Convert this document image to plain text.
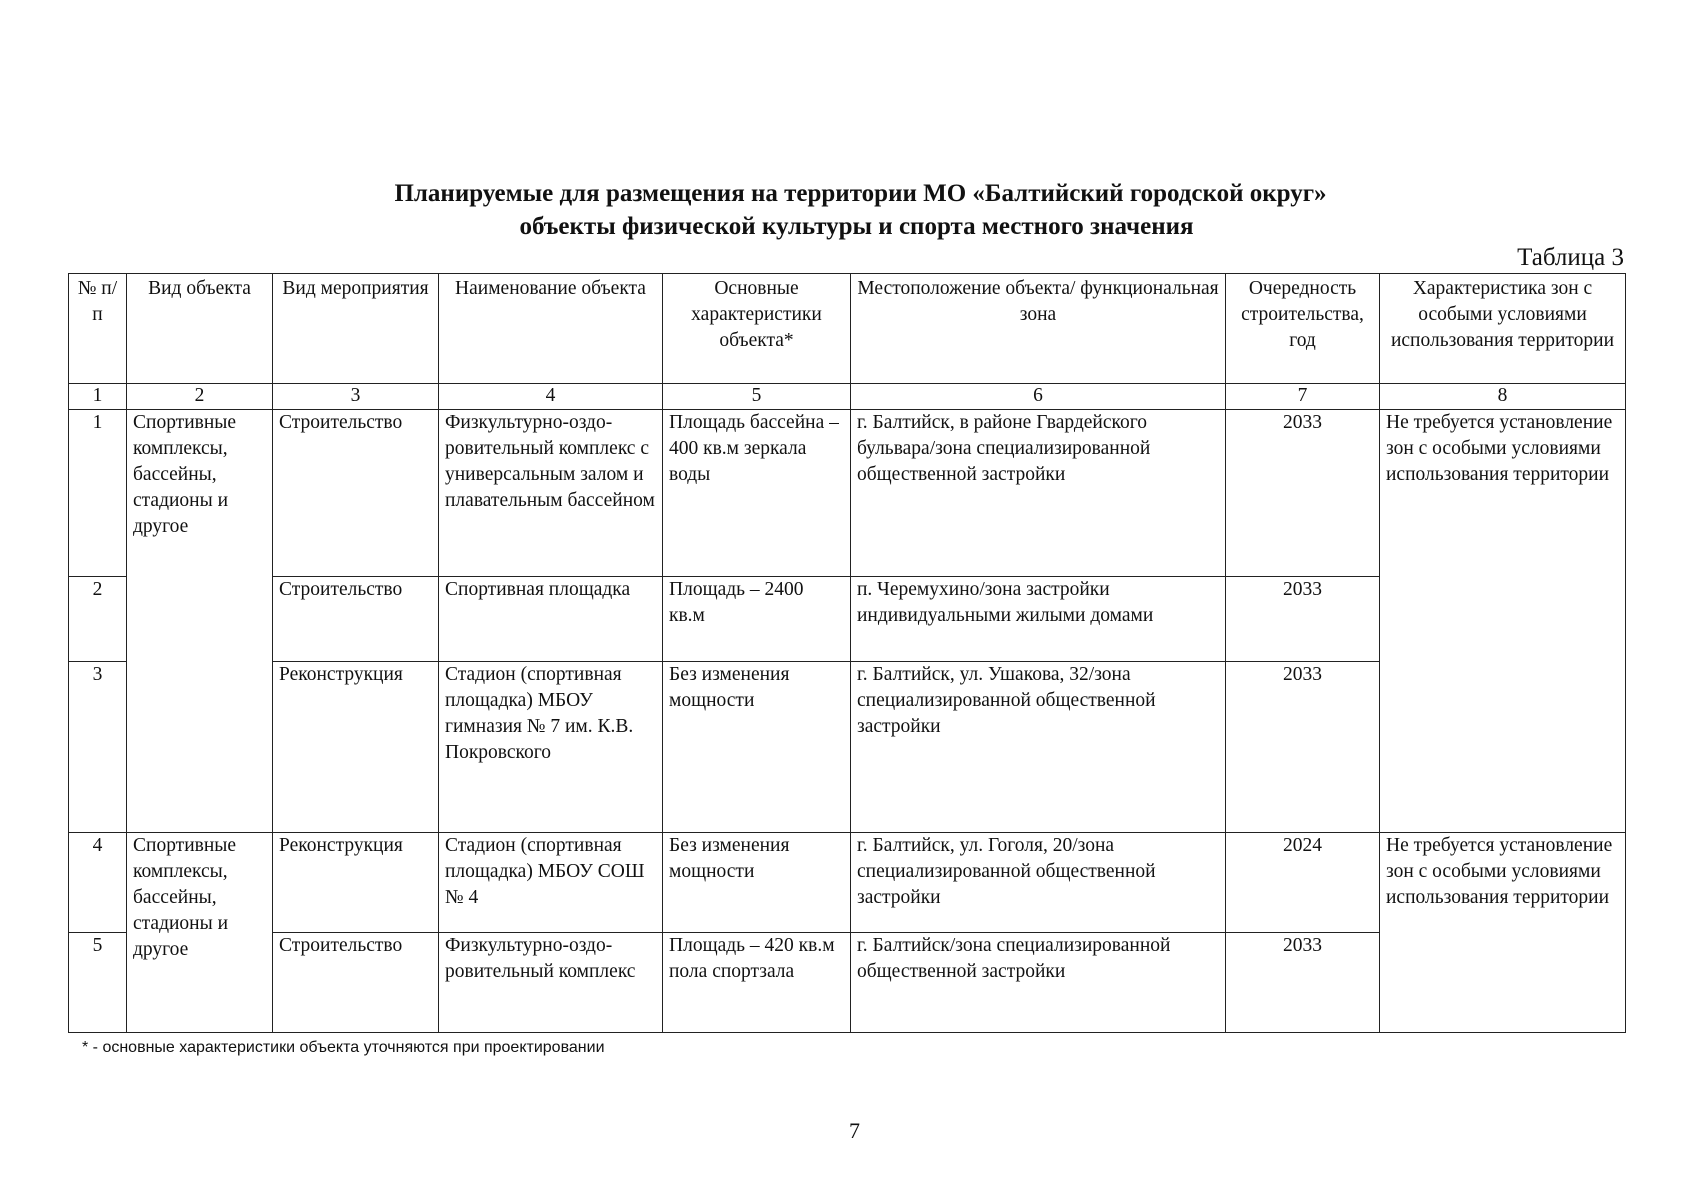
Планируемые для размещения на территории МО «Балтийский городской округ»
объекты физической культуры и спорта местного значения
Таблица 3
№ п/п	Вид объекта	Вид мероприятия	Наименование объекта	Основные характеристики объекта*	Местоположение объекта/ функциональная зона	Очередность строительства, год	Характеристика зон с особыми условиями использования территории
1	2	3	4	5	6	7	8
1	Спортивные комплексы, бассейны, стадионы и другое	Строительство	Физкультурно-оздо-ровительный комплекс с универсальным залом и плавательным бассейном	Площадь бассейна – 400 кв.м зеркала воды	г. Балтийск, в районе Гвардейского бульвара/зона специализированной общественной застройки	2033	Не требуется установление зон с особыми условиями использования территории
2		Строительство	Спортивная площадка	Площадь – 2400 кв.м	п. Черемухино/зона застройки индивидуальными жилыми домами	2033	
3		Реконструкция	Стадион (спортивная площадка) МБОУ гимназия № 7 им. К.В. Покровского	Без изменения мощности	г. Балтийск, ул. Ушакова, 32/зона специализированной общественной застройки	2033	
4	Спортивные комплексы, бассейны, стадионы и другое	Реконструкция	Стадион (спортивная площадка) МБОУ СОШ № 4	Без изменения мощности	г. Балтийск, ул. Гоголя, 20/зона специализированной общественной застройки	2024	Не требуется установление зон с особыми условиями использования территории
5		Строительство	Физкультурно-оздо-ровительный комплекс	Площадь – 420 кв.м пола спортзала	г. Балтийск/зона специализированной общественной застройки	2033	
* - основные характеристики объекта уточняются при проектировании
7
